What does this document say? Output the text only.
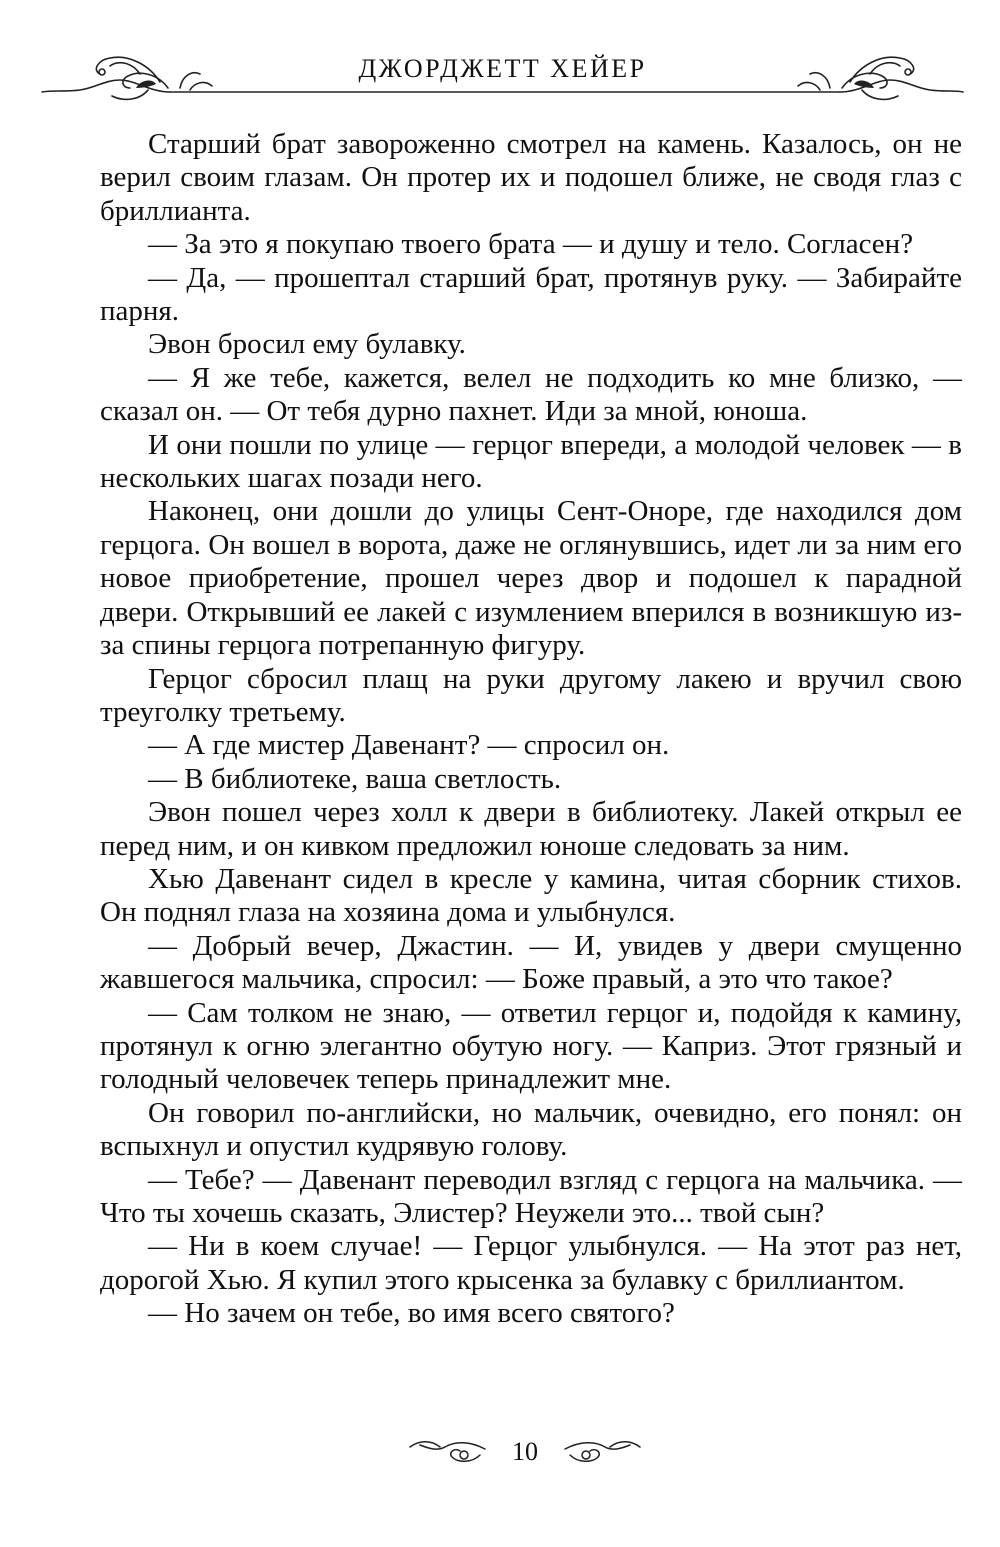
ДЖОРДЖЕТТ ХЕЙЕР

Старший брат завороженно смотрел на камень. Казалось, он не верил своим глазам. Он протер их и подошел ближе, не сводя глаз с бриллианта.

— За это я покупаю твоего брата — и душу и тело. Согласен?

— Да, — прошептал старший брат, протянув руку. — Забирайте парня.

Эвон бросил ему булавку.

— Я же тебе, кажется, велел не подходить ко мне близко, — сказал он. — От тебя дурно пахнет. Иди за мной, юноша.

И они пошли по улице — герцог впереди, а молодой человек — в нескольких шагах позади него.

Наконец, они дошли до улицы Сент-Оноре, где находился дом герцога. Он вошел в ворота, даже не оглянувшись, идет ли за ним его новое приобретение, прошел через двор и подошел к парадной двери. Открывший ее лакей с изумлением вперился в возникшую из-за спины герцога потрепанную фигуру.

Герцог сбросил плащ на руки другому лакею и вручил свою треуголку третьему.

— А где мистер Давенант? — спросил он.

— В библиотеке, ваша светлость.

Эвон пошел через холл к двери в библиотеку. Лакей открыл ее перед ним, и он кивком предложил юноше следовать за ним.

Хью Давенант сидел в кресле у камина, читая сборник стихов. Он поднял глаза на хозяина дома и улыбнулся.

— Добрый вечер, Джастин. — И, увидев у двери смущенно жавшегося мальчика, спросил: — Боже правый, а это что такое?

— Сам толком не знаю, — ответил герцог и, подойдя к камину, протянул к огню элегантно обутую ногу. — Каприз. Этот грязный и голодный человечек теперь принадлежит мне.

Он говорил по-английски, но мальчик, очевидно, его понял: он вспыхнул и опустил кудрявую голову.

— Тебе? — Давенант переводил взгляд с герцога на мальчика. — Что ты хочешь сказать, Элистер? Неужели это... твой сын?

— Ни в коем случае! — Герцог улыбнулся. — На этот раз нет, дорогой Хью. Я купил этого крысенка за булавку с бриллиантом.

— Но зачем он тебе, во имя всего святого?

10
